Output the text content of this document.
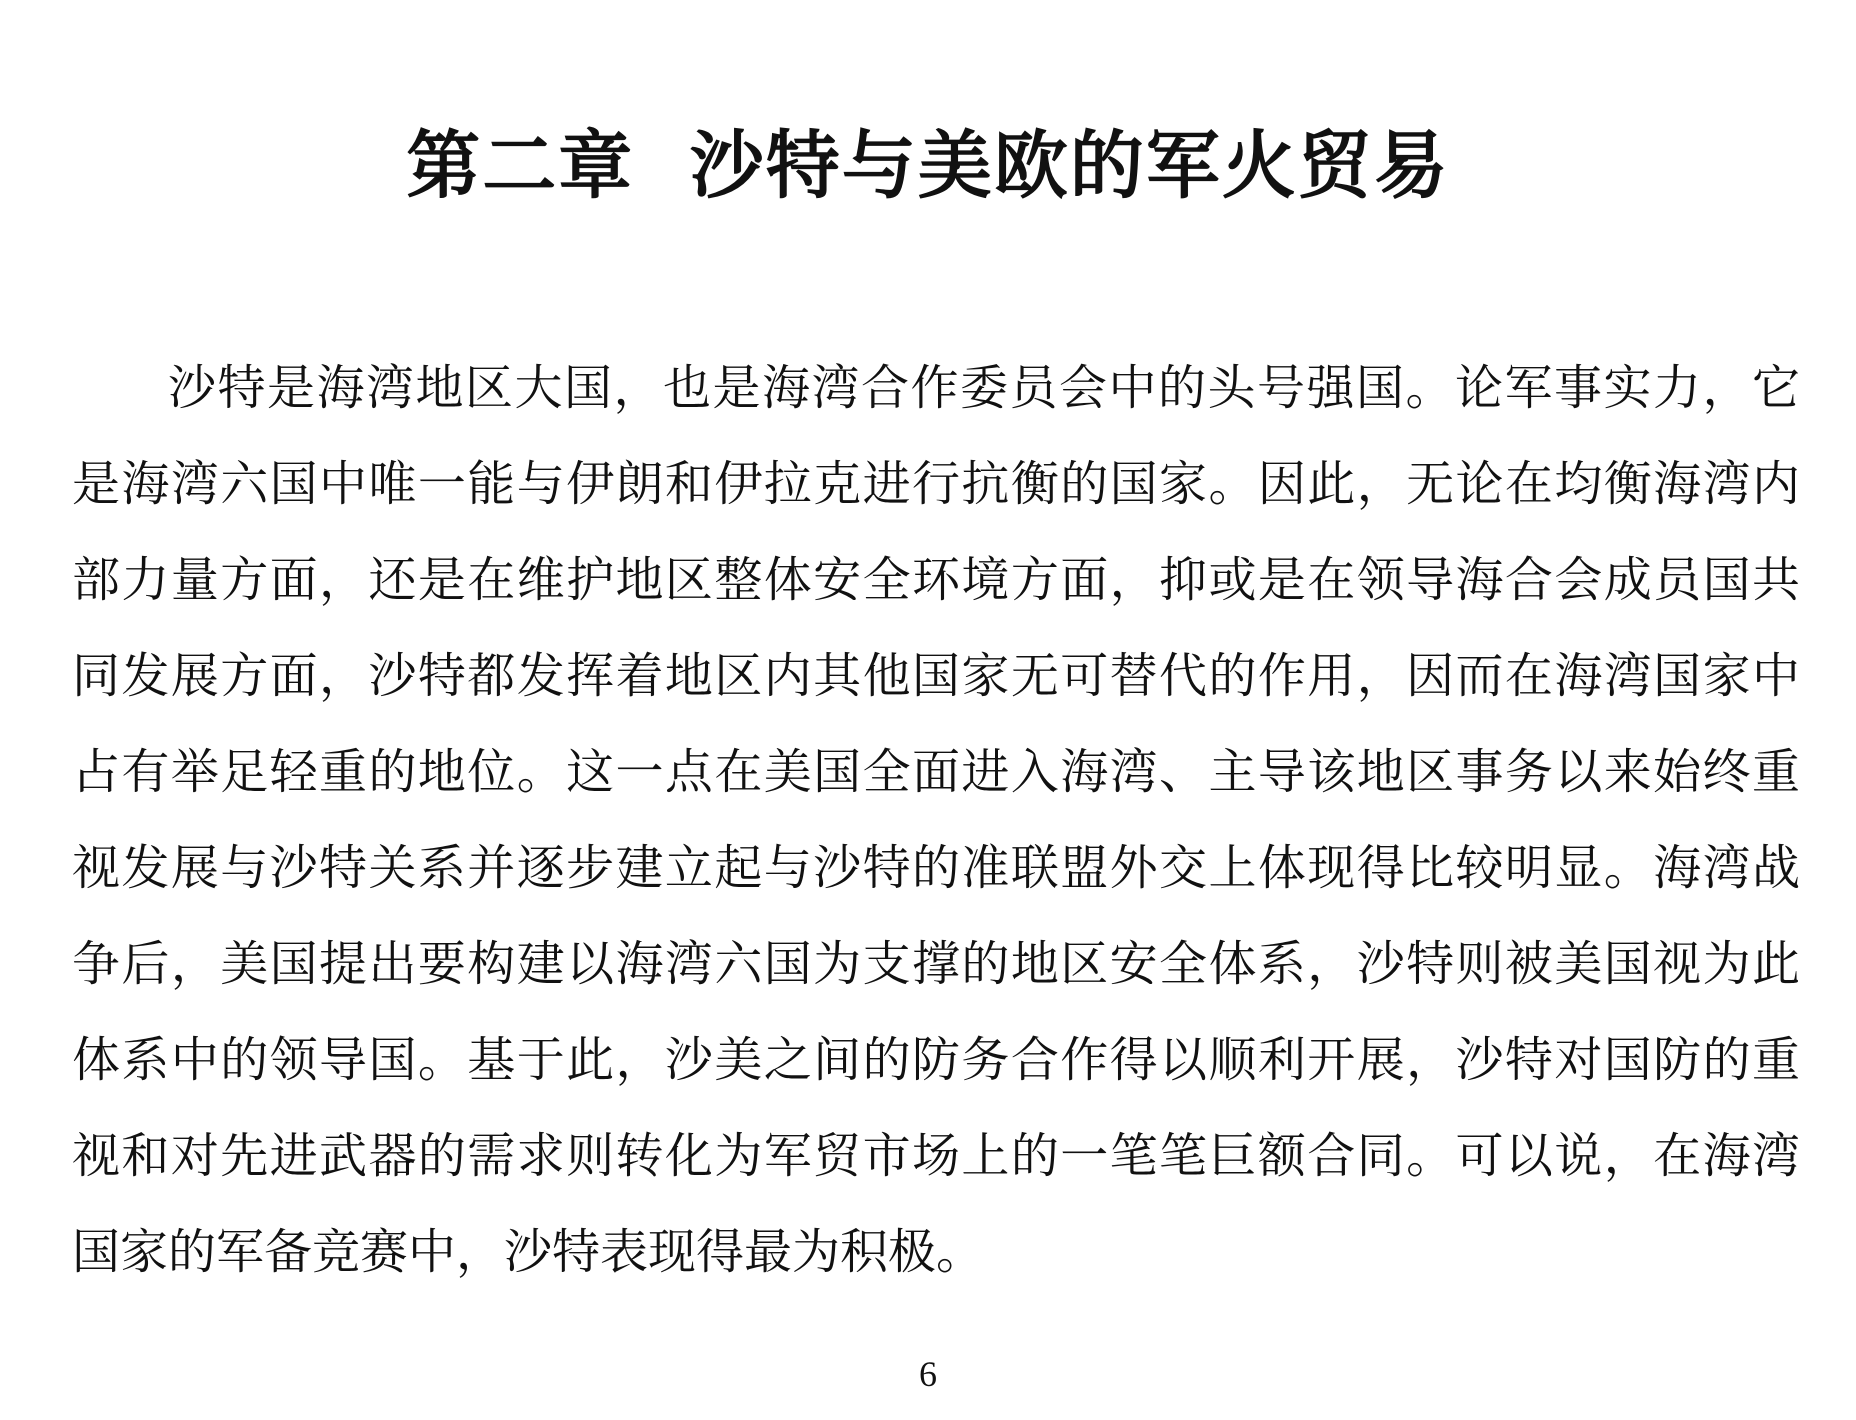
第二章  沙特与美欧的军火贸易
沙特是海湾地区大国，也是海湾合作委员会中的头号强国。论军事实力，它
是海湾六国中唯一能与伊朗和伊拉克进行抗衡的国家。因此，无论在均衡海湾内
部力量方面，还是在维护地区整体安全环境方面，抑或是在领导海合会成员国共
同发展方面，沙特都发挥着地区内其他国家无可替代的作用，因而在海湾国家中
占有举足轻重的地位。这一点在美国全面进入海湾、主导该地区事务以来始终重
视发展与沙特关系并逐步建立起与沙特的准联盟外交上体现得比较明显。海湾战
争后，美国提出要构建以海湾六国为支撑的地区安全体系，沙特则被美国视为此
体系中的领导国。基于此，沙美之间的防务合作得以顺利开展，沙特对国防的重
视和对先进武器的需求则转化为军贸市场上的一笔笔巨额合同。可以说，在海湾
国家的军备竞赛中，沙特表现得最为积极。
6
